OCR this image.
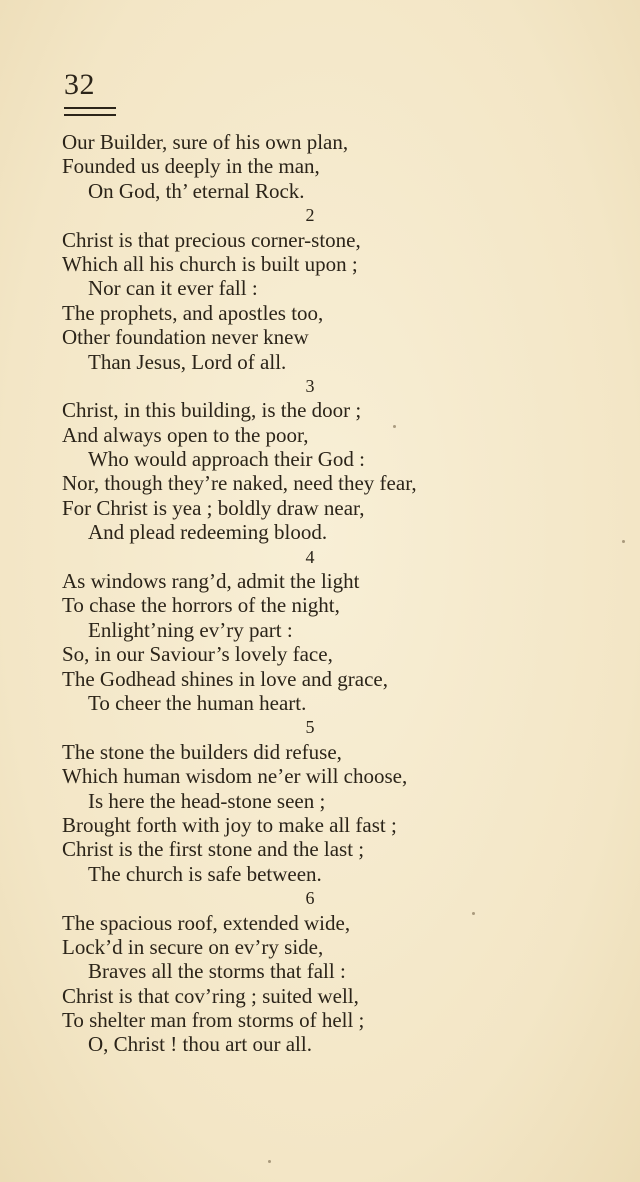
32
Our Builder, sure of his own plan,
Founded us deeply in the man,
On God, th’ eternal Rock.
2
Christ is that precious corner-stone,
Which all his church is built upon ;
Nor can it ever fall :
The prophets, and apostles too,
Other foundation never knew
Than Jesus, Lord of all.
3
Christ, in this building, is the door ;
And always open to the poor,
Who would approach their God :
Nor, though they’re naked, need they fear,
For Christ is yea ; boldly draw near,
And plead redeeming blood.
4
As windows rang’d, admit the light
To chase the horrors of the night,
Enlight’ning ev’ry part :
So, in our Saviour’s lovely face,
The Godhead shines in love and grace,
To cheer the human heart.
5
The stone the builders did refuse,
Which human wisdom ne’er will choose,
Is here the head-stone seen ;
Brought forth with joy to make all fast ;
Christ is the first stone and the last ;
The church is safe between.
6
The spacious roof, extended wide,
Lock’d in secure on ev’ry side,
Braves all the storms that fall :
Christ is that cov’ring ; suited well,
To shelter man from storms of hell ;
O, Christ ! thou art our all.
